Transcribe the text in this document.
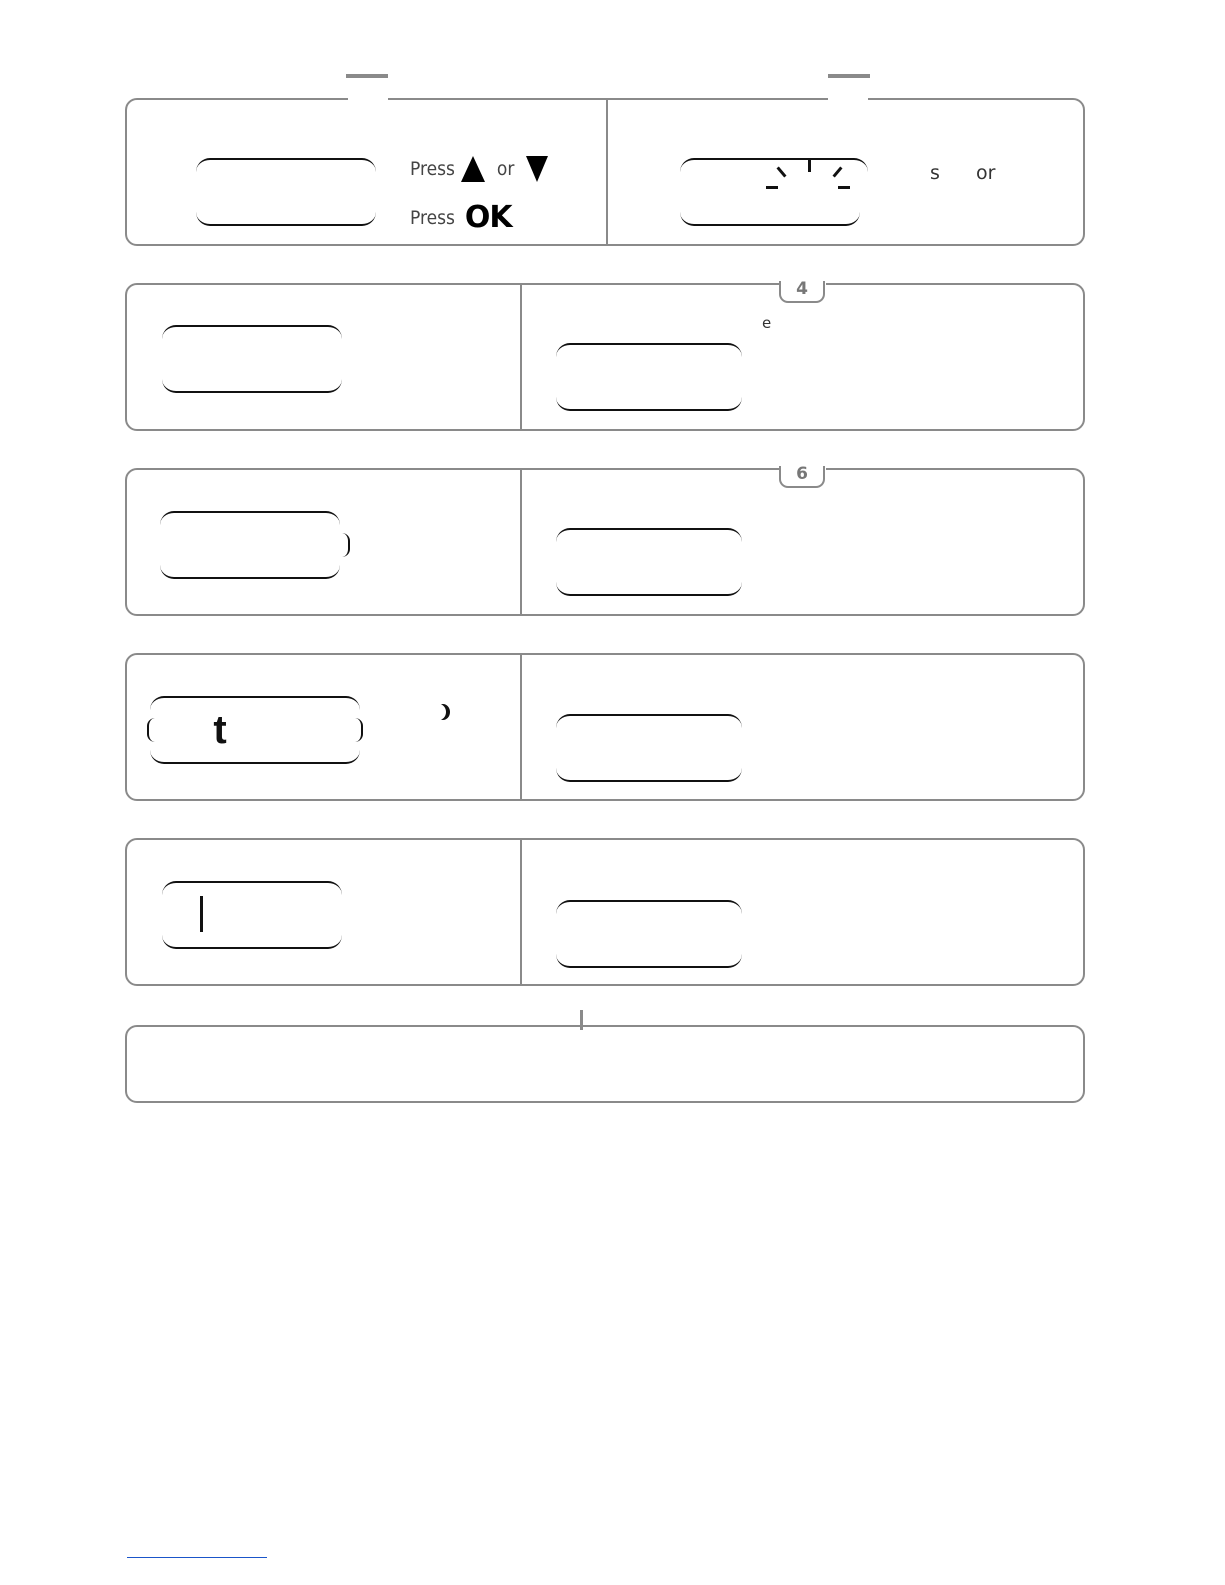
Press or
Press OK
s or
4
e
6
t
